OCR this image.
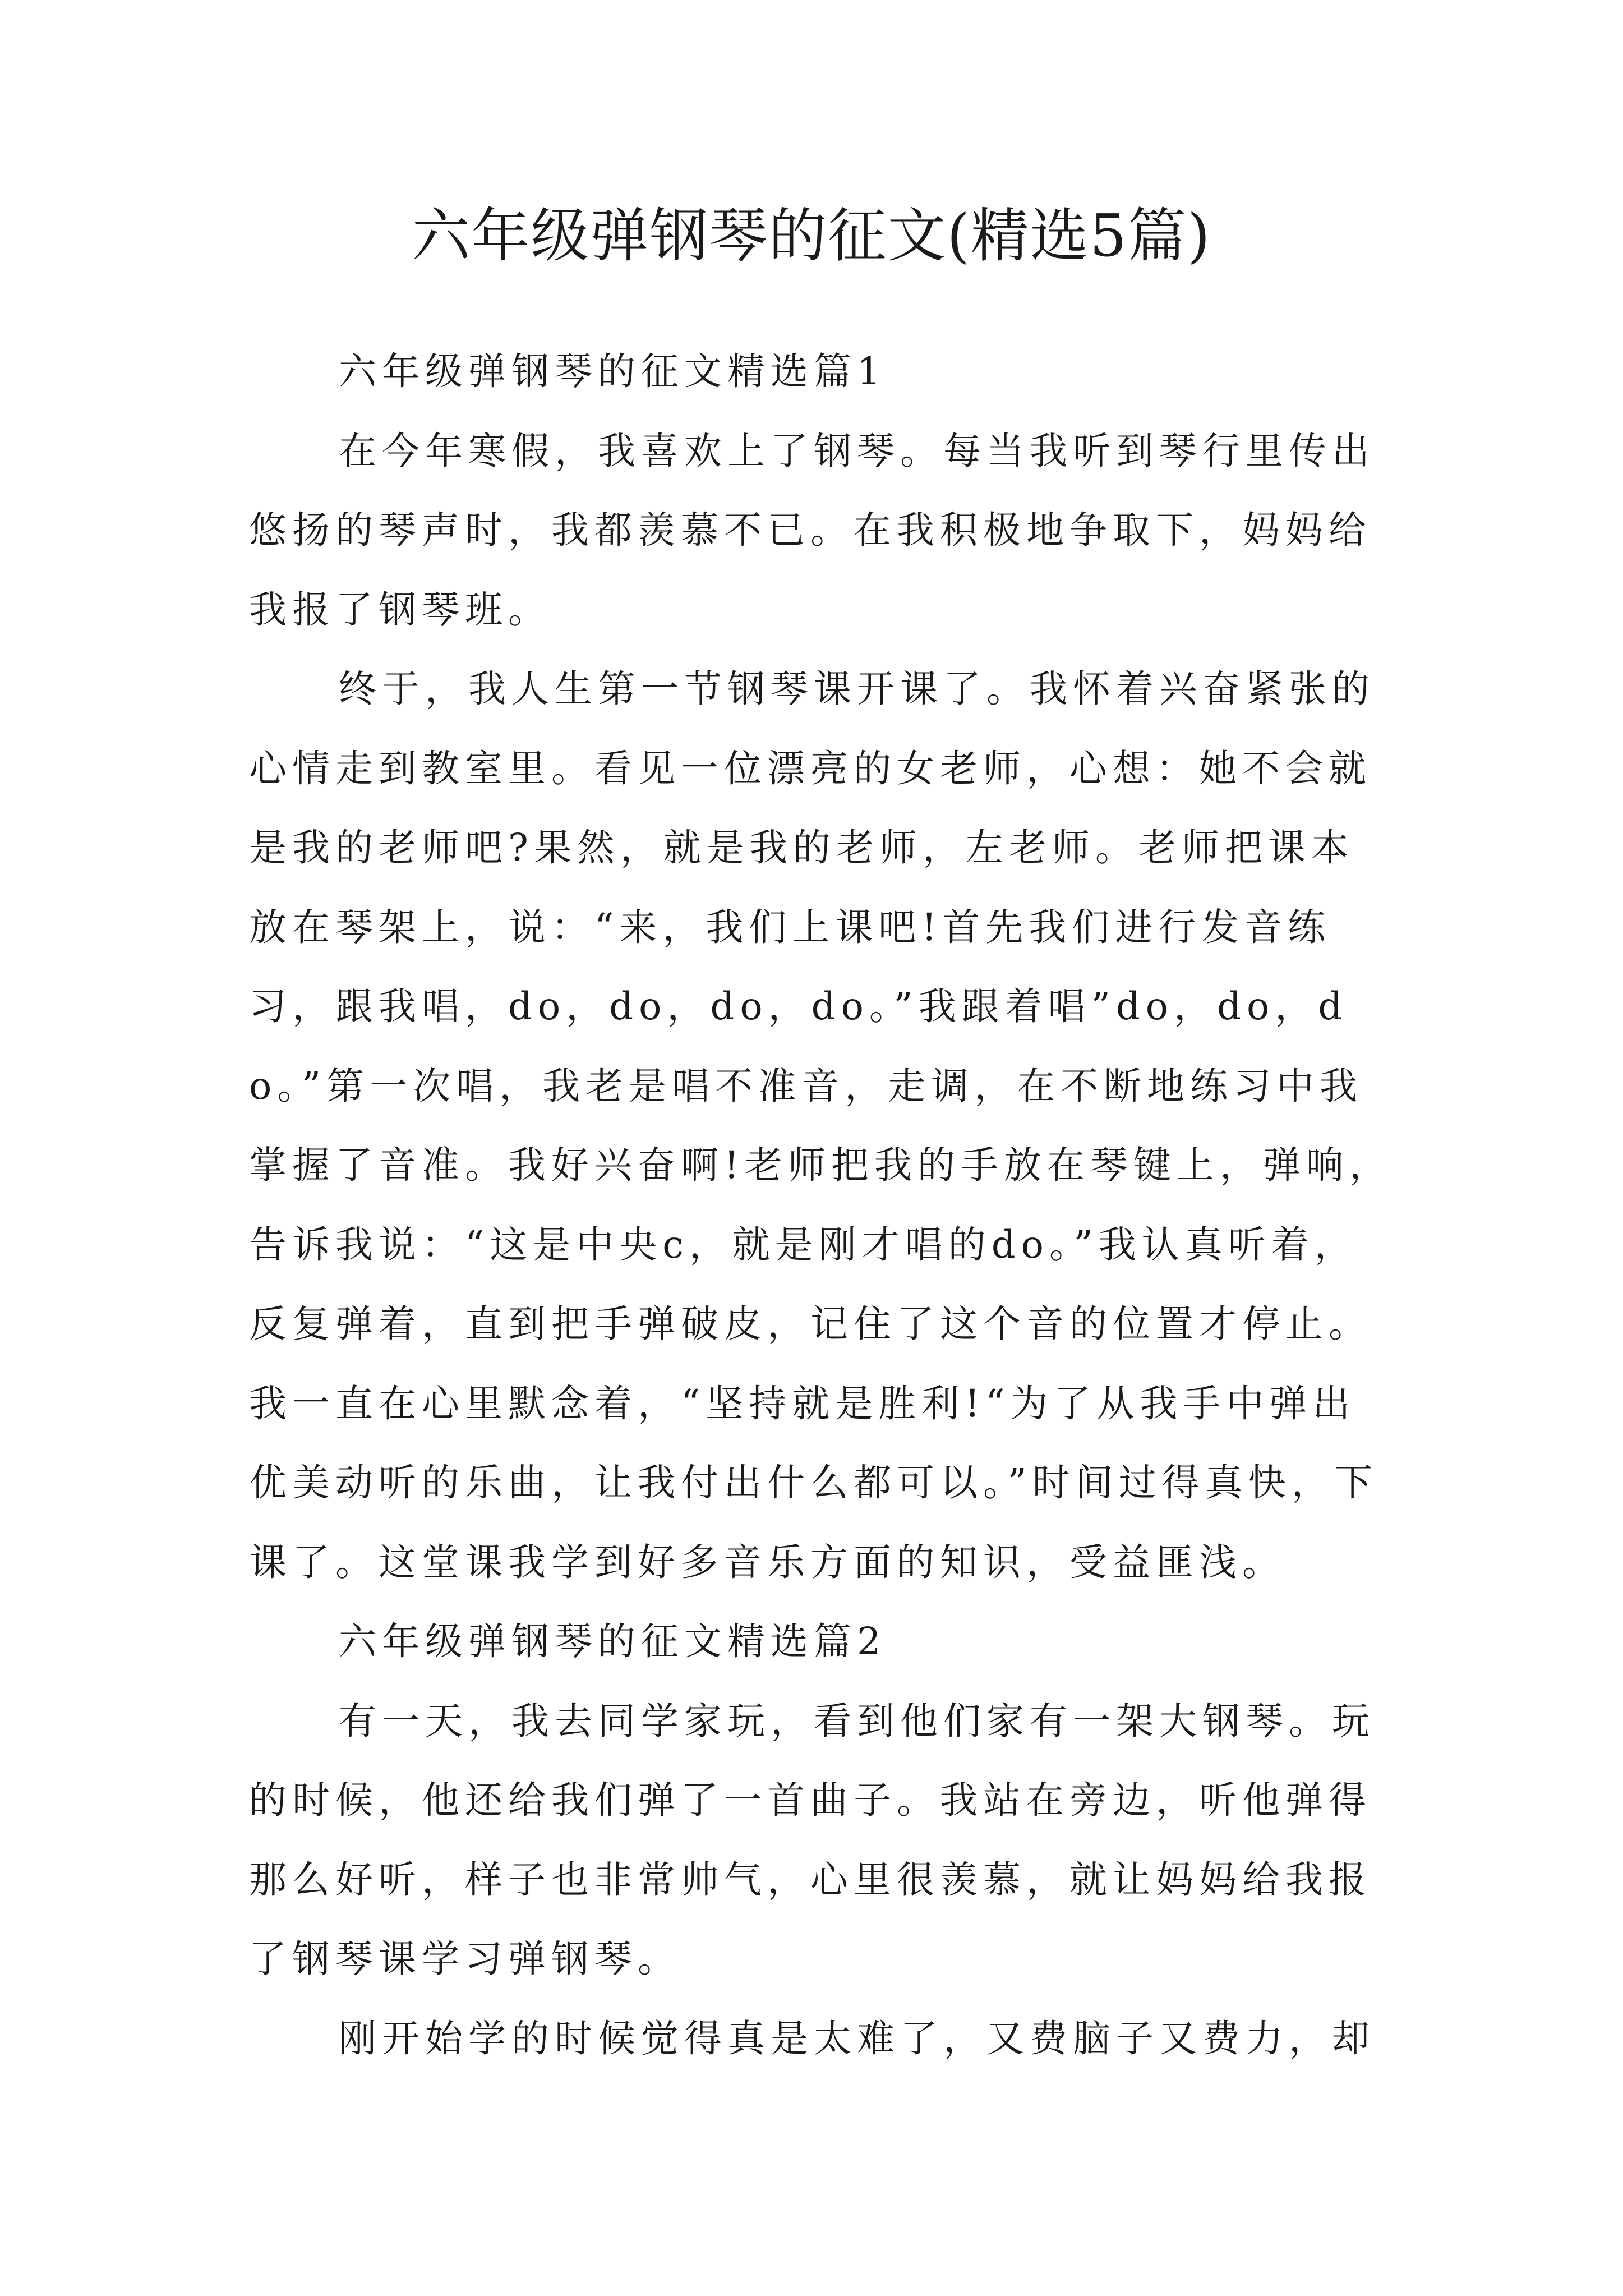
六年级弹钢琴的征文(精选5篇)

六年级弹钢琴的征文精选篇1

在今年寒假，我喜欢上了钢琴。每当我听到琴行里传出悠扬的琴声时，我都羡慕不已。在我积极地争取下，妈妈给我报了钢琴班。

终于，我人生第一节钢琴课开课了。我怀着兴奋紧张的心情走到教室里。看见一位漂亮的女老师，心想：她不会就是我的老师吧?果然，就是我的老师，左老师。老师把课本放在琴架上，说：“来，我们上课吧!首先我们进行发音练习，跟我唱，do，do，do，do。”我跟着唱”do，do，do。”第一次唱，我老是唱不准音，走调，在不断地练习中我掌握了音准。我好兴奋啊!老师把我的手放在琴键上，弹响，告诉我说：“这是中央c，就是刚才唱的do。”我认真听着，反复弹着，直到把手弹破皮，记住了这个音的位置才停止。我一直在心里默念着，“坚持就是胜利!“为了从我手中弹出优美动听的乐曲，让我付出什么都可以。”时间过得真快，下课了。这堂课我学到好多音乐方面的知识，受益匪浅。

六年级弹钢琴的征文精选篇2

有一天，我去同学家玩，看到他们家有一架大钢琴。玩的时候，他还给我们弹了一首曲子。我站在旁边，听他弹得那么好听，样子也非常帅气，心里很羡慕，就让妈妈给我报了钢琴课学习弹钢琴。

刚开始学的时候觉得真是太难了，又费脑子又费力，却
